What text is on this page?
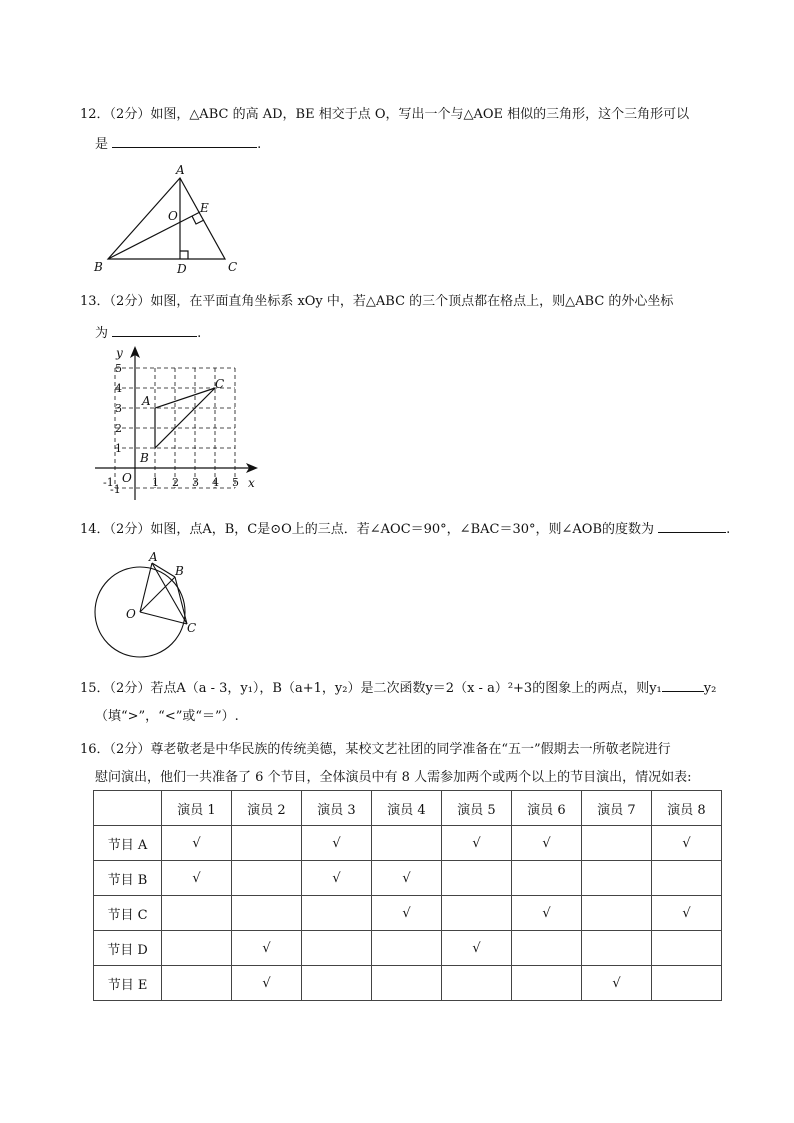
12．（2分）如图，△ABC 的高 AD，BE 相交于点 O，写出一个与△AOE 相似的三角形，这个三角形可以
是	.
A
B	C
D
E
O
y
x
O
A
B
C
-1	1 2 3 4 5
-1
1
2
3
4
5
A
B
C
O
13．（2分）如图，在平面直角坐标系 xOy 中，若△ABC 的三个顶点都在格点上，则△ABC 的外心坐标
为	.
14．（2分）如图，点A，B，C是⊙O上的三点．若∠AOC＝90°，∠BAC＝30°，则∠AOB的度数为	.
15．（2分）若点A（a - 3，y₁），B（a+1，y₂）是二次函数y＝2（x - a）²+3的图象上的两点，则y₁	y₂
（填“>”，“<”或“＝”）.
16．（2分）尊老敬老是中华民族的传统美德，某校文艺社团的同学准备在“五一”假期去一所敬老院进行
慰问演出，他们一共准备了 6 个节目，全体演员中有 8 人需参加两个或两个以上的节目演出，情况如表:
	演员 1	演员 2	演员 3	演员 4	演员 5	演员 6	演员 7	演员 8
节目 A	√		√		√	√		√
节目 B	√		√	√				
节目 C				√		√		√
节目 D		√			√			
节目 E		√					√	
